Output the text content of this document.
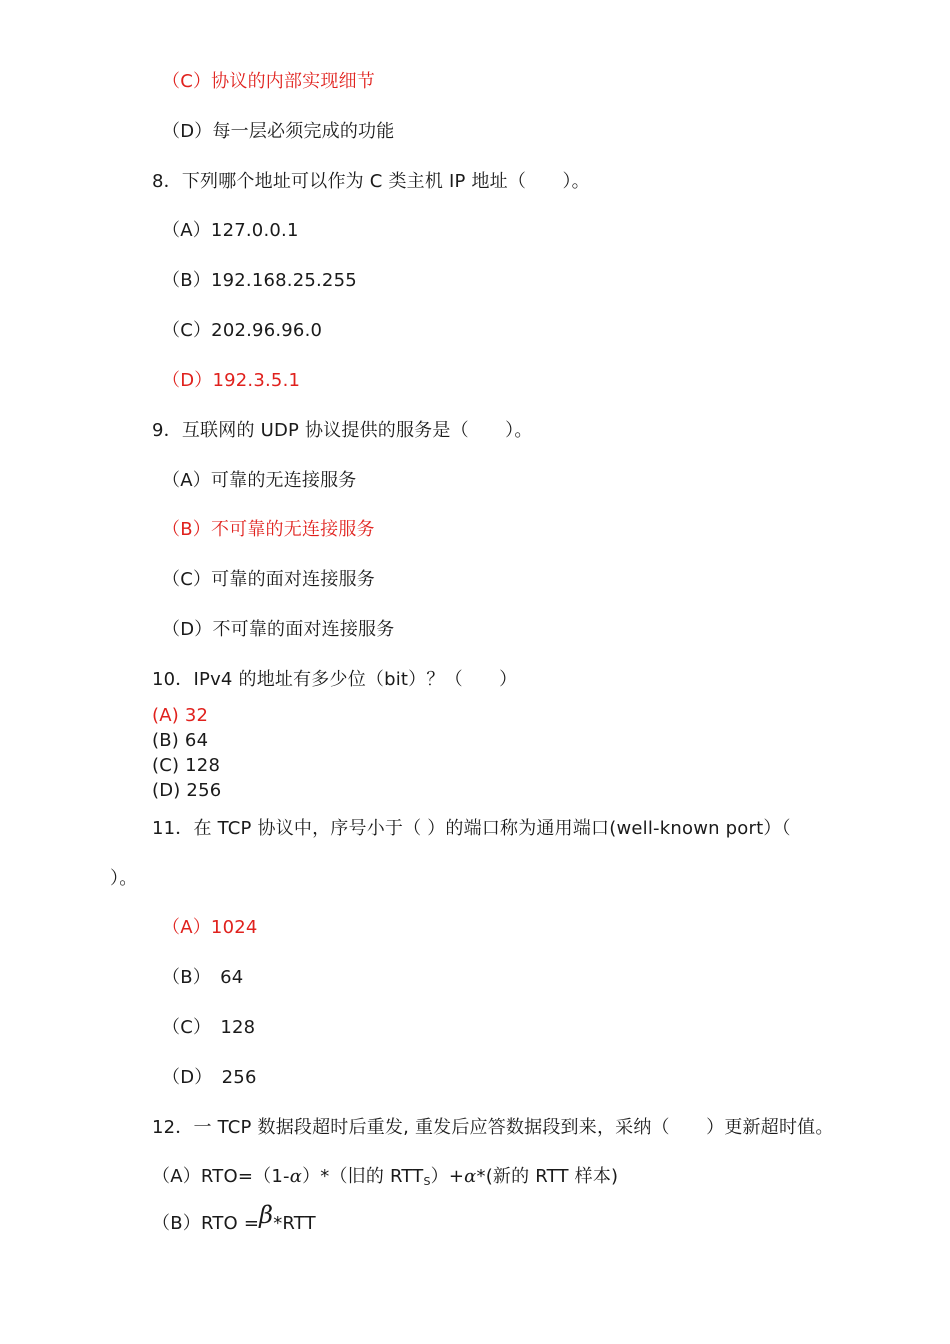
（C）协议的内部实现细节
（D）每一层必须完成的功能
8．下列哪个地址可以作为 C 类主机 IP 地址（　　）。
（A）127.0.0.1
（B）192.168.25.255
（C）202.96.96.0
（D）192.3.5.1
9．互联网的 UDP 协议提供的服务是（　　）。
（A）可靠的无连接服务
（B）不可靠的无连接服务
（C）可靠的面对连接服务
（D）不可靠的面对连接服务
10．IPv4 的地址有多少位（bit）？（　　）
(A) 32
(B) 64
(C) 128
(D) 256
11．在 TCP 协议中，序号小于（ ）的端口称为通用端口(well-known port）（
）。
（A）1024
（B）　64
（C）　128
（D）　256
12．一 TCP 数据段超时后重发, 重发后应答数据段到来，采纳（　　）更新超时值。
（A）RTO=（1-α）*（旧的 $RTT_S)+\alpha*$(新的 RTT 样本)
（B）RTO =β*RTT
